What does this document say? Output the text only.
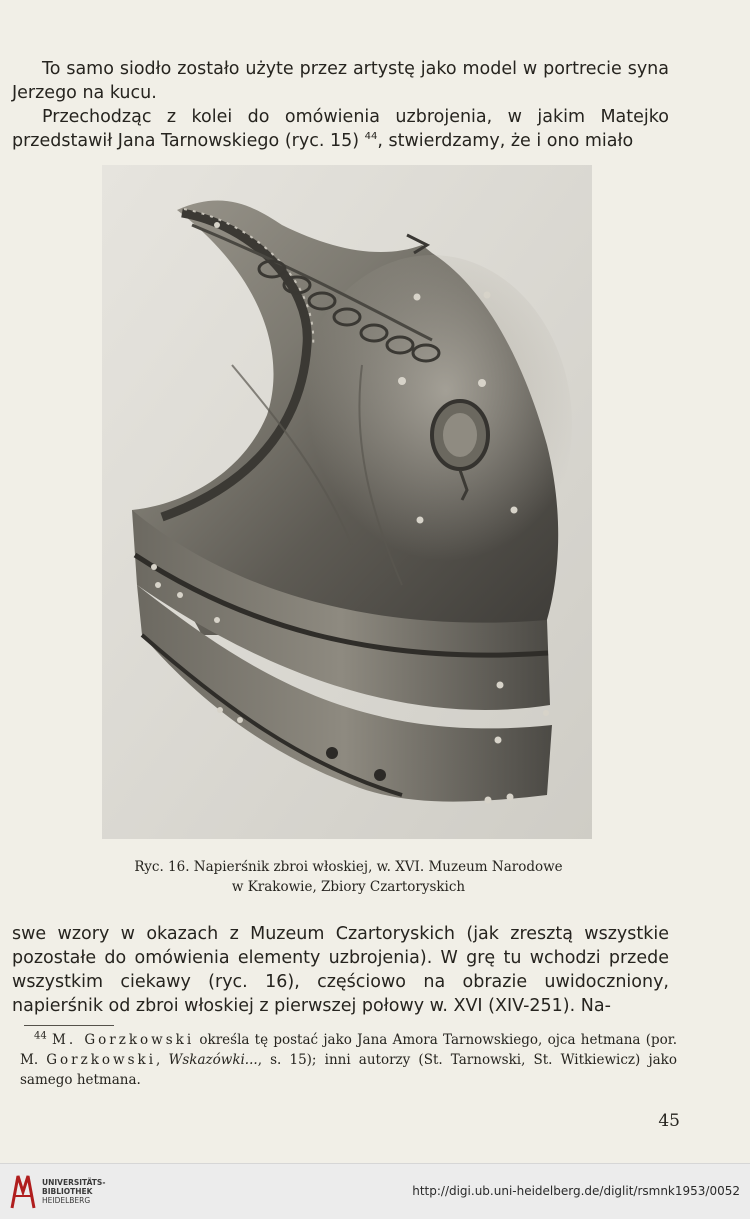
To samo siodło zostało użyte przez artystę jako model w portrecie syna Jerzego na kucu.

Przechodząc z kolei do omówienia uzbrojenia, w jakim Matejko przedstawił Jana Tarnowskiego (ryc. 15) $^{44}$, stwierdzamy, że i ono miało

Ryc. 16. Napierśnik zbroi włoskiej, w. XVI. Muzeum Narodowe
w Krakowie, Zbiory Czartoryskich

swe wzory w okazach z Muzeum Czartoryskich (jak zresztą wszystkie pozostałe do omówienia elementy uzbrojenia). W grę tu wchodzi przede wszystkim ciekawy (ryc. 16), częściowo na obrazie uwidoczniony, napierśnik od zbroi włoskiej z pierwszej połowy w. XVI (XIV-251). Na-

$^{44}$ M. Gorzkowski określa tę postać jako Jana Amora Tarnowskiego, ojca hetmana (por. M. Gorzkowski, Wskazówki..., s. 15); inni autorzy (St. Tarnowski, St. Witkiewicz) jako samego hetmana.

45
UNIVERSITÄTS-
BIBLIOTHEK
HEIDELBERG
http://digi.ub.uni-heidelberg.de/diglit/rsmnk1953/0052
